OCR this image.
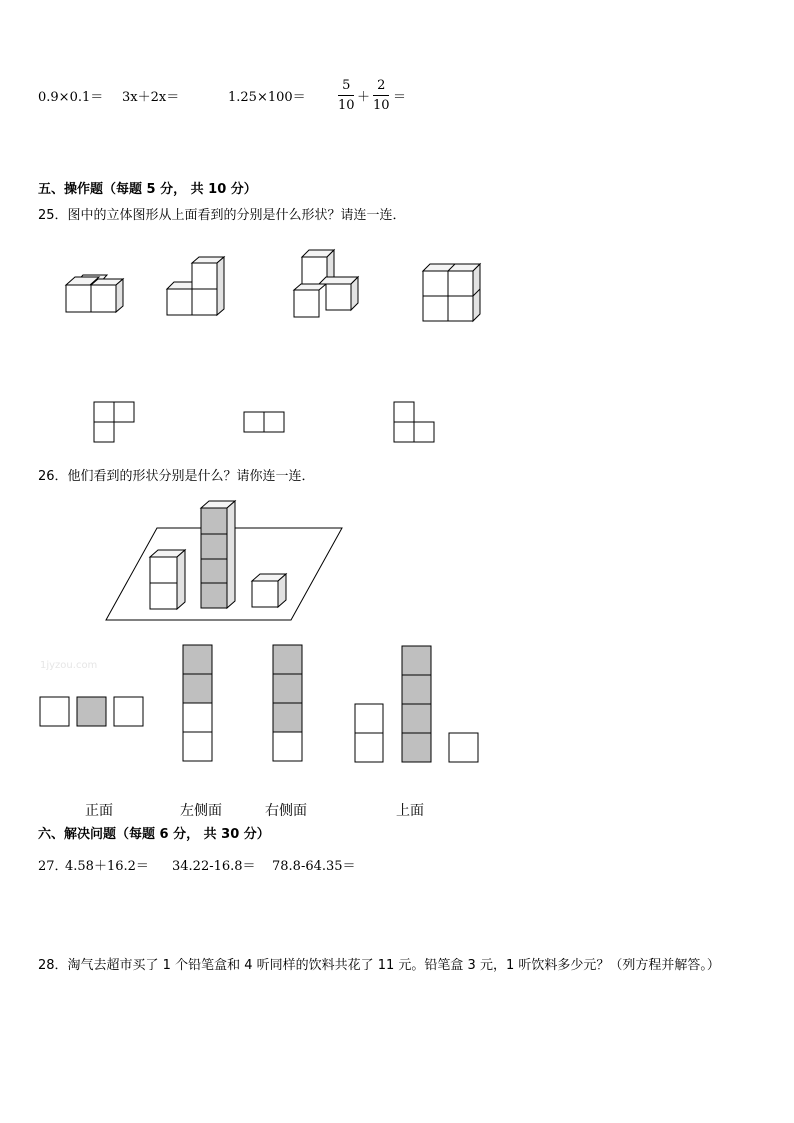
0.9×0.1＝ 3x＋2x＝	1.25×100＝
5
10
＋
2
10
＝
五、操作题（每题 5 分， 共 10 分）
25．图中的立体图形从上面看到的分别是什么形状？请连一连．
26．他们看到的形状分别是什么？请你连一连．
1jyzou.com
正面	左侧面	右侧面	上面
六、解决问题（每题 6 分， 共 30 分）
27．
4.58＋16.2＝ 34.22-16.8＝ 78.8-64.35＝
28．淘气去超市买了 1 个铅笔盒和 4 听同样的饮料共花了 11 元。铅笔盒 3 元，1 听饮料多少元？（列方程并解答。）
